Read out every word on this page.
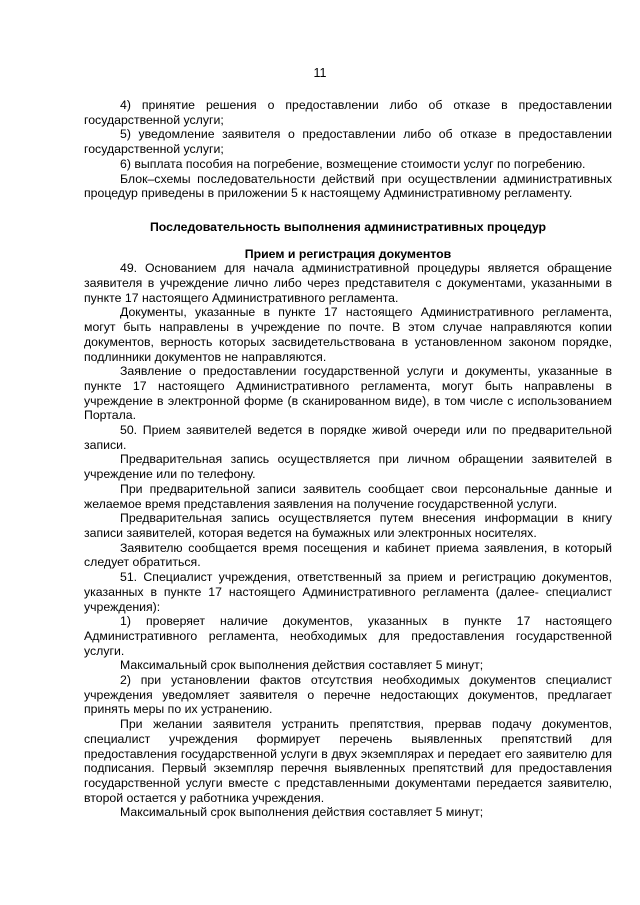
11

4) принятие решения о предоставлении либо об отказе в предоставлении государственной услуги;

5) уведомление заявителя о предоставлении либо об отказе в предоставлении государственной услуги;

6) выплата пособия на погребение, возмещение стоимости услуг по погребению.

Блок–схемы последовательности действий при осуществлении административных процедур приведены в приложении 5 к настоящему Административному регламенту.

Последовательность выполнения административных процедур

Прием и регистрация документов

49. Основанием для начала административной процедуры является обращение заявителя в учреждение лично либо через представителя с документами, указанными в пункте 17 настоящего Административного регламента.

Документы, указанные в пункте 17 настоящего Административного регламента, могут быть направлены в учреждение по почте. В этом случае направляются копии документов, верность которых засвидетельствована в установленном законом порядке, подлинники документов не направляются.

Заявление о предоставлении государственной услуги и документы, указанные в пункте 17 настоящего Административного регламента, могут быть направлены в учреждение в электронной форме (в сканированном виде), в том числе с использованием Портала.

50. Прием заявителей ведется в порядке живой очереди или по предварительной записи.

Предварительная запись осуществляется при личном обращении заявителей в учреждение или по телефону.

При предварительной записи заявитель сообщает свои персональные данные и желаемое время представления заявления на получение государственной услуги.

Предварительная запись осуществляется путем внесения информации в книгу записи заявителей, которая ведется на бумажных или электронных носителях.

Заявителю сообщается время посещения и кабинет приема заявления, в который следует обратиться.

51. Специалист учреждения, ответственный за прием и регистрацию документов, указанных в пункте 17 настоящего Административного регламента (далее- специалист учреждения):

1) проверяет наличие документов, указанных в пункте 17 настоящего Административного регламента, необходимых для предоставления государственной услуги.

Максимальный срок выполнения действия составляет 5 минут;

2) при установлении фактов отсутствия необходимых документов специалист учреждения уведомляет заявителя о перечне недостающих документов, предлагает принять меры по их устранению.

При желании заявителя устранить препятствия, прервав подачу документов, специалист учреждения формирует перечень выявленных препятствий для предоставления государственной услуги в двух экземплярах и передает его заявителю для подписания. Первый экземпляр перечня выявленных препятствий для предоставления государственной услуги вместе с представленными документами передается заявителю, второй остается у работника учреждения.

Максимальный срок выполнения действия составляет 5 минут;
